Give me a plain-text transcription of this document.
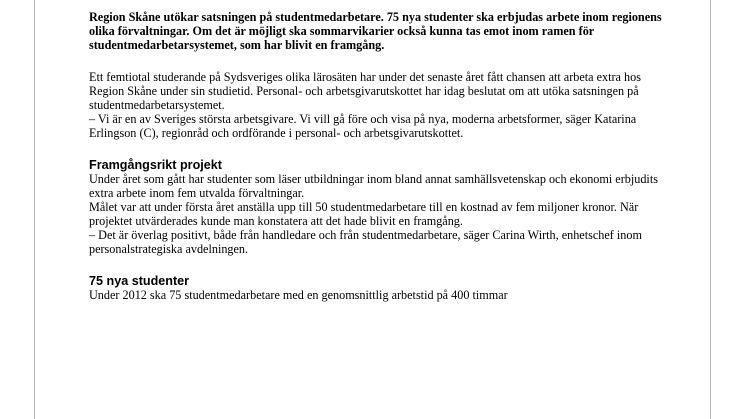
Region Skåne utökar satsningen på studentmedarbetare. 75 nya studenter ska erbjudas arbete inom regionens olika förvaltningar. Om det är möjligt ska sommarvikarier också kunna tas emot inom ramen för studentmedarbetarsystemet, som har blivit en framgång.

Ett femtiotal studerande på Sydsveriges olika lärosäten har under det senaste året fått chansen att arbeta extra hos Region Skåne under sin studietid. Personal- och arbetsgivarutskottet har idag beslutat om att utöka satsningen på studentmedarbetarsystemet.

– Vi är en av Sveriges största arbetsgivare. Vi vill gå före och visa på nya, moderna arbetsformer, säger Katarina Erlingson (C), regionråd och ordförande i personal- och arbetsgivarutskottet.

Framgångsrikt projekt

Under året som gått har studenter som läser utbildningar inom bland annat samhällsvetenskap och ekonomi erbjudits extra arbete inom fem utvalda förvaltningar.

Målet var att under första året anställa upp till 50 studentmedarbetare till en kostnad av fem miljoner kronor. När projektet utvärderades kunde man konstatera att det hade blivit en framgång.

– Det är överlag positivt, både från handledare och från studentmedarbetare, säger Carina Wirth, enhetschef inom personalstrategiska avdelningen.

75 nya studenter

Under 2012 ska 75 studentmedarbetare med en genomsnittlig arbetstid på 400 timmar
